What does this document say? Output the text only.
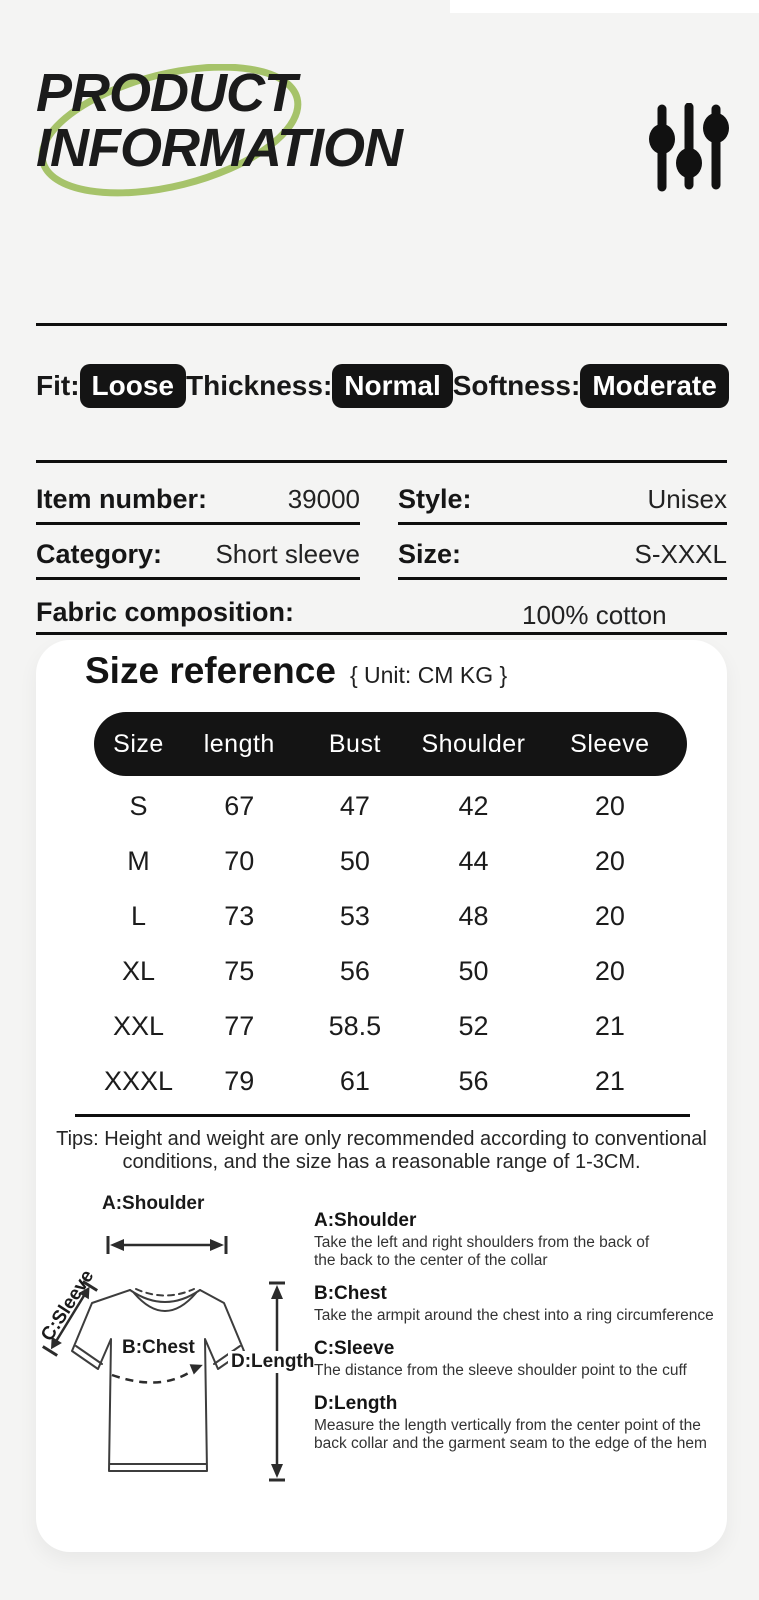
PRODUCT
INFORMATION
Fit: Loose Thickness: Normal Softness: Moderate
Item number:	39000 Style:	Unisex
Category: Short sleeve Size:	S-XXXL
Fabric composition:	100% cotton
Size reference { Unit: CM KG }
Size	length	Bust	Shoulder	Sleeve
S	67	47	42	20
M	70	50	44	20
L	73	53	48	20
XL	75	56	50	20
XXL	77	58.5	52	21
XXXL	79	61	56	21
Tips: Height and weight are only recommended according to conventional
conditions, and the size has a reasonable range of 1-3CM.
A:Shoulder
C:Sleeve
B:Chest
D:Length
A:Shoulder
Take the left and right shoulders from the back of
the back to the center of the collar
B:Chest
Take the armpit around the chest into a ring circumference
C:Sleeve
The distance from the sleeve shoulder point to the cuff
D:Length
Measure the length vertically from the center point of the
back collar and the garment seam to the edge of the hem
